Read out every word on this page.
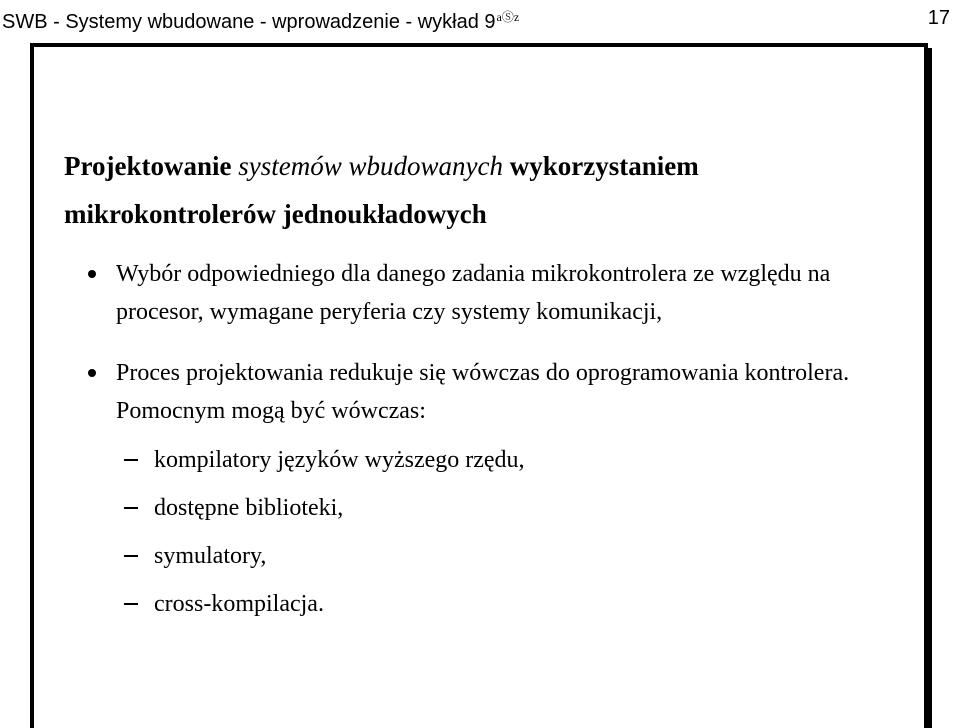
SWB - Systemy wbudowane - wprowadzenie - wykład $9^{aⓈz}$	17
Projektowanie systemów wbudowanych wykorzystaniem mikrokontrolerów jednoukładowych
Wybór odpowiedniego dla danego zadania mikrokontrolera ze względu na procesor, wymagane peryferia czy systemy komunikacji,
Proces projektowania redukuje się wówczas do oprogramowania kontrolera. Pomocnym mogą być wówczas:
kompilatory języków wyższego rzędu,
dostępne biblioteki,
symulatory,
cross-kompilacja.
